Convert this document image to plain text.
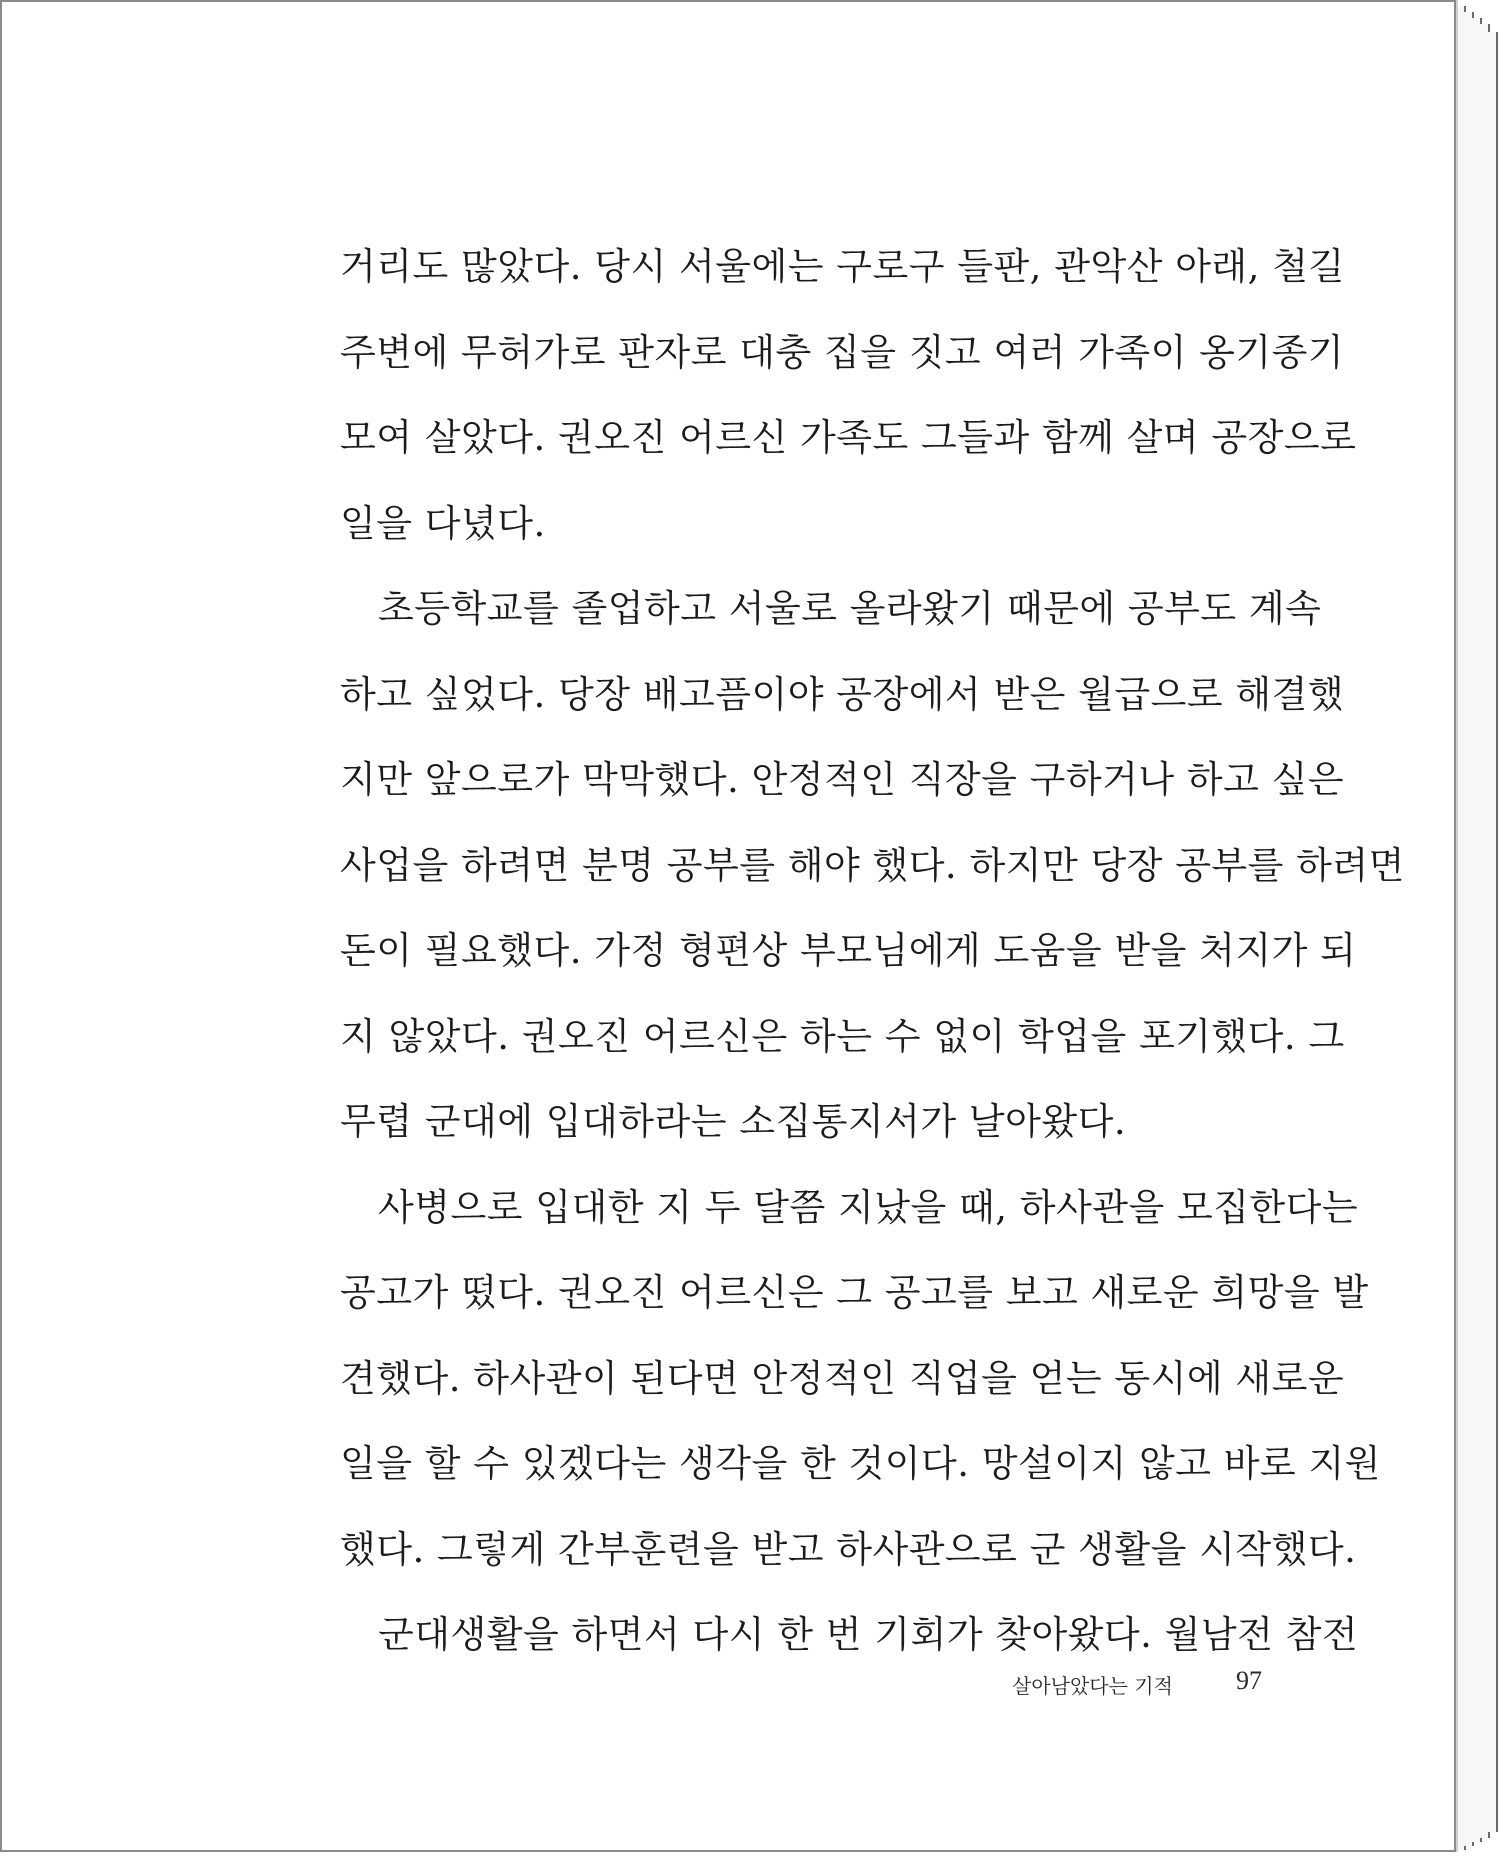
거리도 많았다. 당시 서울에는 구로구 들판, 관악산 아래, 철길
주변에 무허가로 판자로 대충 집을 짓고 여러 가족이 옹기종기
모여 살았다. 권오진 어르신 가족도 그들과 함께 살며 공장으로
일을 다녔다.
초등학교를 졸업하고 서울로 올라왔기 때문에 공부도 계속
하고 싶었다. 당장 배고픔이야 공장에서 받은 월급으로 해결했
지만 앞으로가 막막했다. 안정적인 직장을 구하거나 하고 싶은
사업을 하려면 분명 공부를 해야 했다. 하지만 당장 공부를 하려면
돈이 필요했다. 가정 형편상 부모님에게 도움을 받을 처지가 되
지 않았다. 권오진 어르신은 하는 수 없이 학업을 포기했다. 그
무렵 군대에 입대하라는 소집통지서가 날아왔다.
사병으로 입대한 지 두 달쯤 지났을 때, 하사관을 모집한다는
공고가 떴다. 권오진 어르신은 그 공고를 보고 새로운 희망을 발
견했다. 하사관이 된다면 안정적인 직업을 얻는 동시에 새로운
일을 할 수 있겠다는 생각을 한 것이다. 망설이지 않고 바로 지원
했다. 그렇게 간부훈련을 받고 하사관으로 군 생활을 시작했다.
군대생활을 하면서 다시 한 번 기회가 찾아왔다. 월남전 참전
살아남았다는 기적 97
